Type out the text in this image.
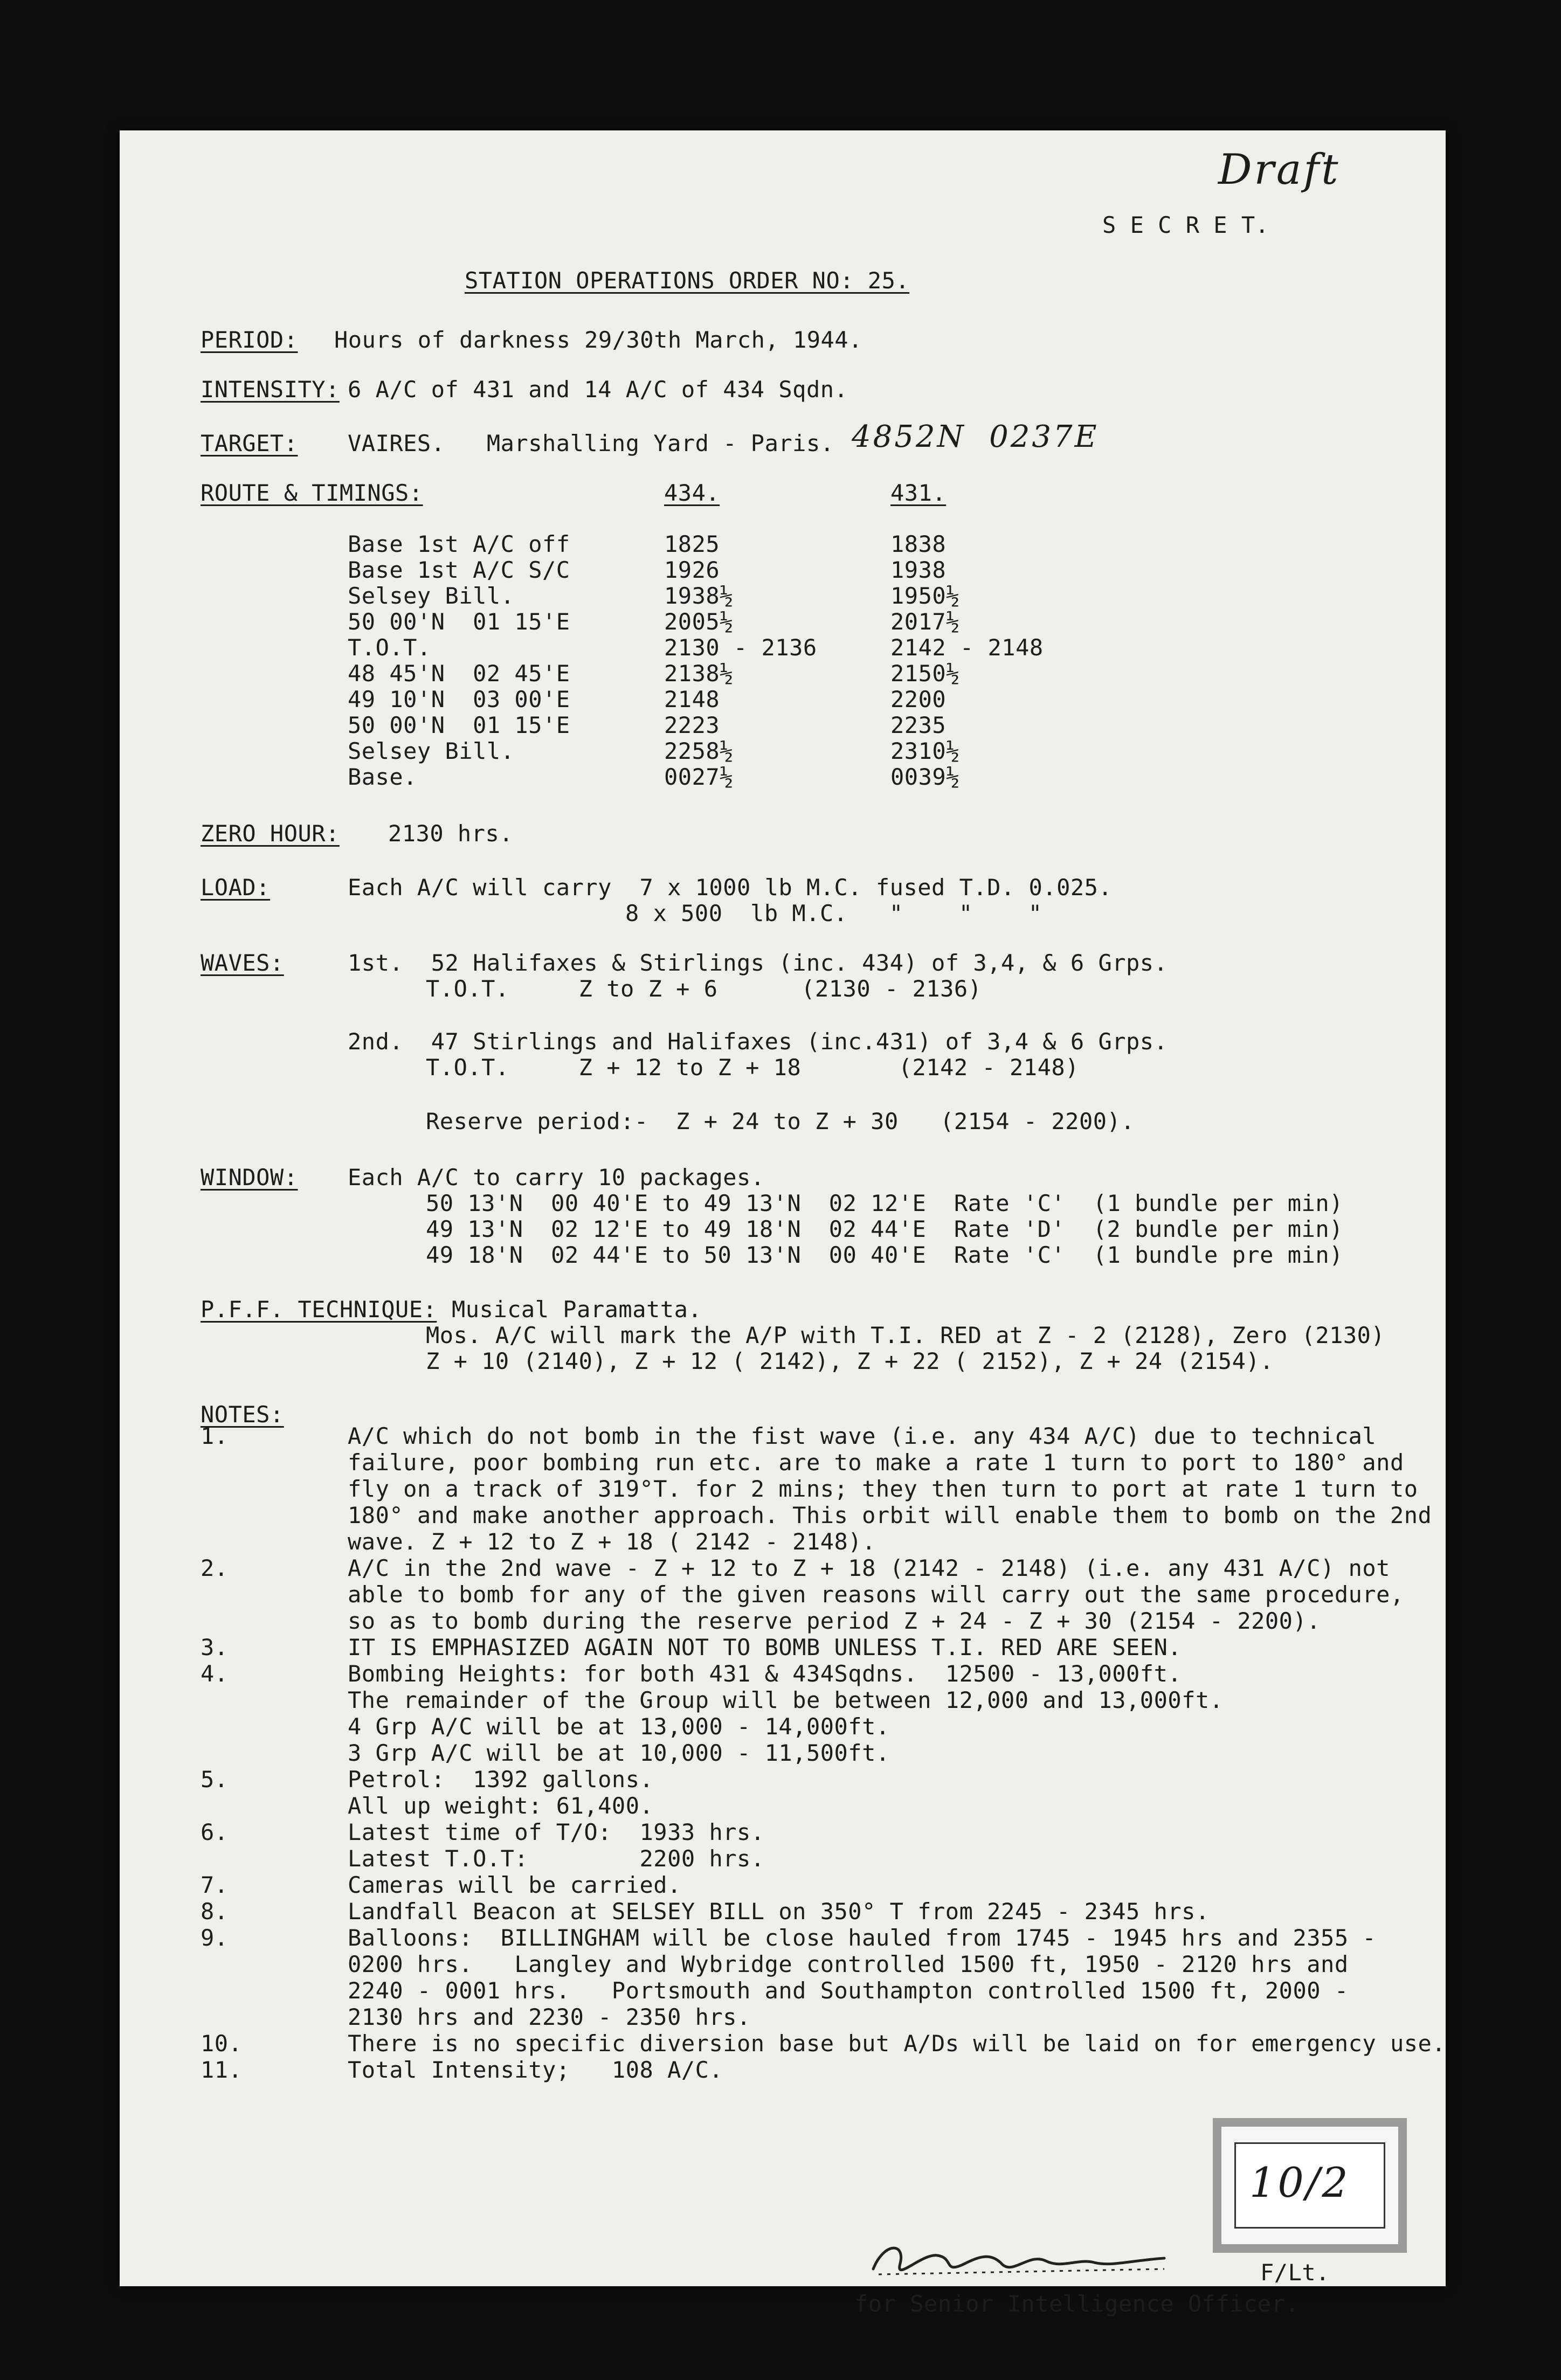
Draft
S E C R E T.
STATION OPERATIONS ORDER NO: 25.
PERIOD: Hours of darkness 29/30th March, 1944.
INTENSITY: 6 A/C of 431 and 14 A/C of 434 Sqdn.
TARGET: VAIRES.   Marshalling Yard - Paris. 4852N  0237E
ROUTE & TIMINGS:	434.	431.
Base 1st A/C off	1825	1838
Base 1st A/C S/C	1926	1938
Selsey Bill.	1938½	1950½
50 00'N  01 15'E	2005½	2017½
T.O.T.	2130 - 2136	2142 - 2148
48 45'N  02 45'E	2138½	2150½
49 10'N  03 00'E	2148	2200
50 00'N  01 15'E	2223	2235
Selsey Bill.	2258½	2310½
Base.	0027½	0039½
ZERO HOUR: 2130 hrs.
LOAD:	Each A/C will carry  7 x 1000 lb M.C. fused T.D. 0.025.
8 x 500  lb M.C.   "    "    "
WAVES:	1st.  52 Halifaxes & Stirlings (inc. 434) of 3,4, & 6 Grps.
T.O.T.     Z to Z + 6      (2130 - 2136)
2nd.  47 Stirlings and Halifaxes (inc.431) of 3,4 & 6 Grps.
T.O.T.     Z + 12 to Z + 18       (2142 - 2148)
Reserve period:-  Z + 24 to Z + 30   (2154 - 2200).
WINDOW: Each A/C to carry 10 packages.
50 13'N  00 40'E to 49 13'N  02 12'E  Rate 'C'  (1 bundle per min)
49 13'N  02 12'E to 49 18'N  02 44'E  Rate 'D'  (2 bundle per min)
49 18'N  02 44'E to 50 13'N  00 40'E  Rate 'C'  (1 bundle pre min)
P.F.F. TECHNIQUE: Musical Paramatta.
Mos. A/C will mark the A/P with T.I. RED at Z - 2 (2128), Zero (2130)
Z + 10 (2140), Z + 12 ( 2142), Z + 22 ( 2152), Z + 24 (2154).
NOTES:
1.	A/C which do not bomb in the fist wave (i.e. any 434 A/C) due to technical
failure, poor bombing run etc. are to make a rate 1 turn to port to 180° and
fly on a track of 319°T. for 2 mins; they then turn to port at rate 1 turn to
180° and make another approach. This orbit will enable them to bomb on the 2nd
wave. Z + 12 to Z + 18 ( 2142 - 2148).
2.	A/C in the 2nd wave - Z + 12 to Z + 18 (2142 - 2148) (i.e. any 431 A/C) not
able to bomb for any of the given reasons will carry out the same procedure,
so as to bomb during the reserve period Z + 24 - Z + 30 (2154 - 2200).
3.	IT IS EMPHASIZED AGAIN NOT TO BOMB UNLESS T.I. RED ARE SEEN.
4.	Bombing Heights: for both 431 & 434Sqdns.  12500 - 13,000ft.
The remainder of the Group will be between 12,000 and 13,000ft.
4 Grp A/C will be at 13,000 - 14,000ft.
3 Grp A/C will be at 10,000 - 11,500ft.
5.	Petrol:  1392 gallons.
All up weight: 61,400.
6.	Latest time of T/O:  1933 hrs.
Latest T.O.T:        2200 hrs.
7.	Cameras will be carried.
8.	Landfall Beacon at SELSEY BILL on 350° T from 2245 - 2345 hrs.
9.	Balloons:  BILLINGHAM will be close hauled from 1745 - 1945 hrs and 2355 -
0200 hrs.   Langley and Wybridge controlled 1500 ft, 1950 - 2120 hrs and
2240 - 0001 hrs.   Portsmouth and Southampton controlled 1500 ft, 2000 -
2130 hrs and 2230 - 2350 hrs.
10.	There is no specific diversion base but A/Ds will be laid on for emergency use.
11.	Total Intensity;   108 A/C.
10/2
F/Lt.
for Senior Intelligence Officer.
